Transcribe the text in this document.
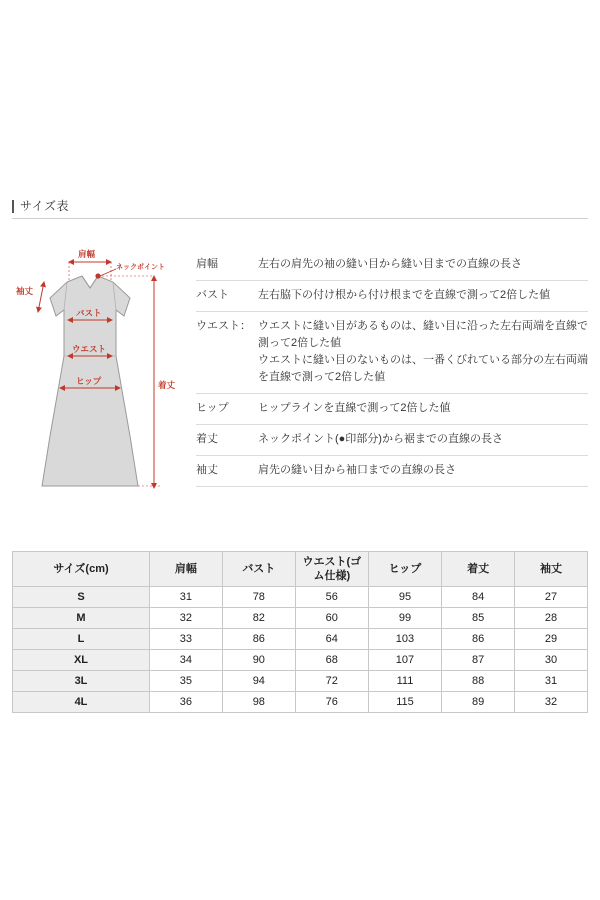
サイズ表
肩幅
ネックポイント
袖丈
バスト
ウエスト
ヒップ	着丈
肩幅	左右の肩先の袖の縫い目から縫い目までの直線の長さ
バスト	左右脇下の付け根から付け根までを直線で測って2倍した値
ウエスト： ウエストに縫い目があるものは、縫い目に沿った左右両端を直線で
測って2倍した値
ウエストに縫い目のないものは、一番くびれている部分の左右両端
を直線で測って2倍した値
ヒップ	ヒップラインを直線で測って2倍した値
着丈	ネックポイント(●印部分)から裾までの直線の長さ
袖丈	肩先の縫い目から袖口までの直線の長さ
サイズ(cm)	肩幅	バスト	ウエスト(ゴム仕様)	ヒップ	着丈	袖丈
S	31	78	56	95	84	27
M	32	82	60	99	85	28
L	33	86	64	103	86	29
XL	34	90	68	107	87	30
3L	35	94	72	111	88	31
4L	36	98	76	115	89	32
